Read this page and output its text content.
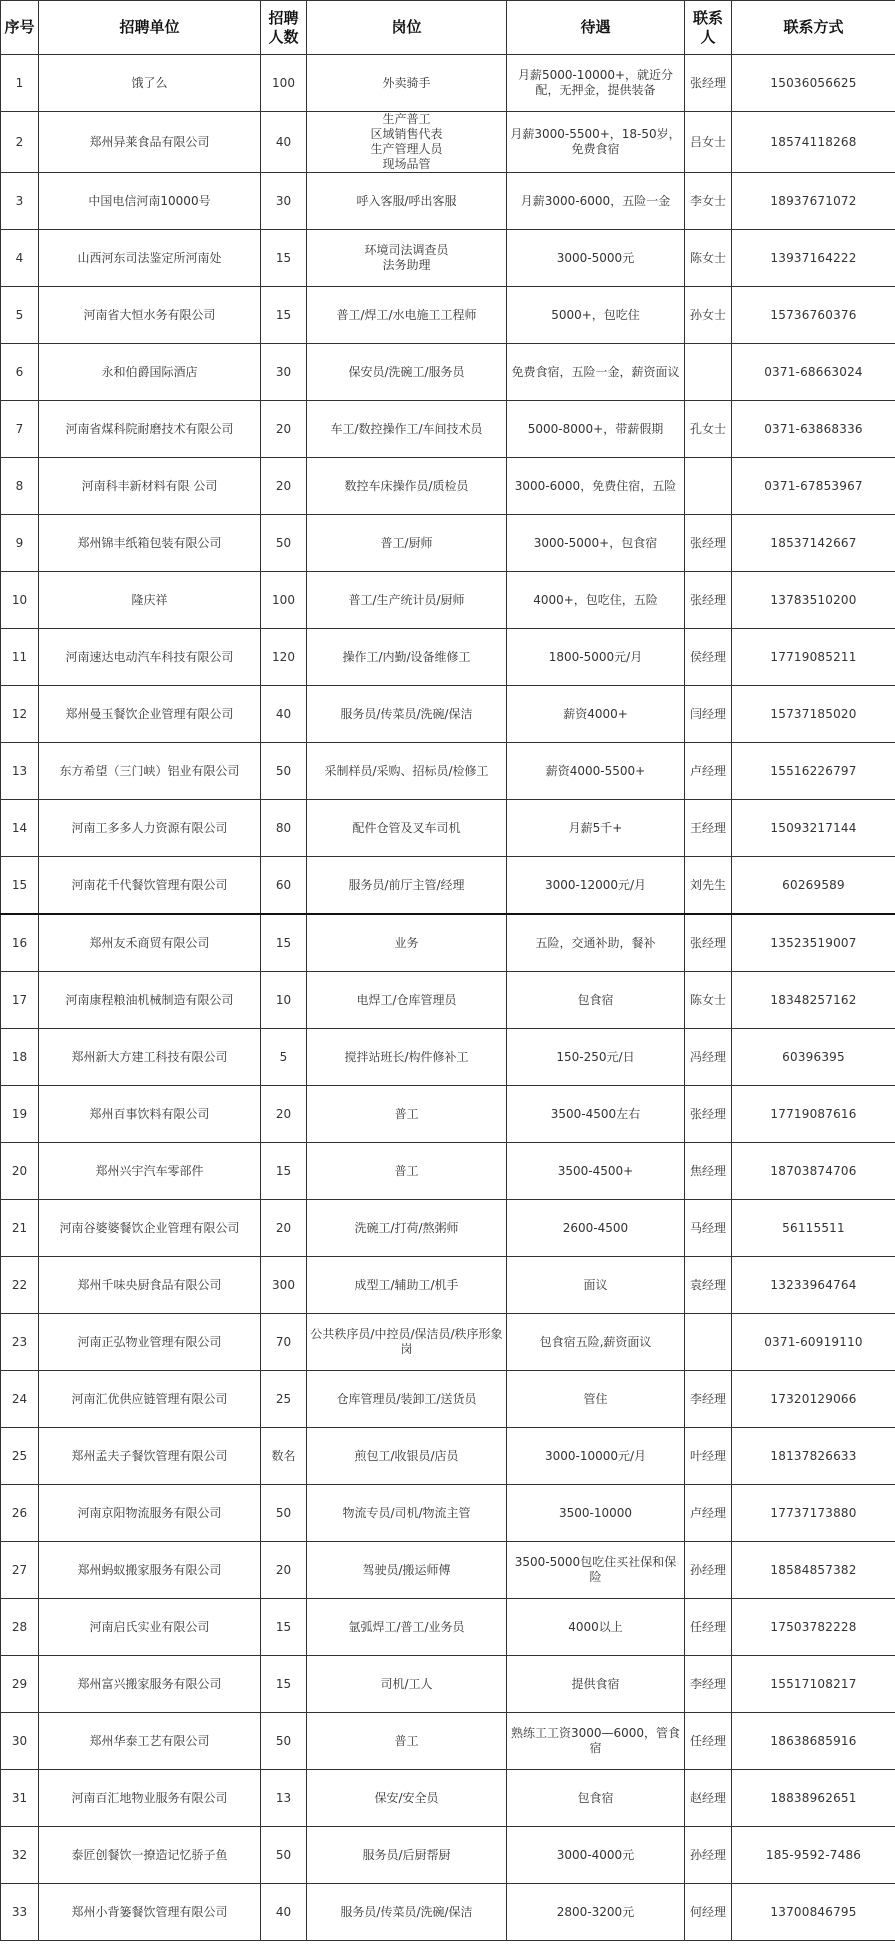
序号	招聘单位	招聘人数	岗位	待遇	联系人	联系方式
1	饿了么	100	外卖骑手	月薪5000-10000+，就近分配，无押金，提供装备	张经理	15036056625
2	郑州异莱食品有限公司	40	生产普工
区域销售代表
生产管理人员
现场品管	月薪3000-5500+，18-50岁，免费食宿	吕女士	18574118268
3	中国电信河南10000号	30	呼入客服/呼出客服	月薪3000-6000，五险一金	李女士	18937671072
4	山西河东司法鉴定所河南处	15	环境司法调查员
法务助理	3000-5000元	陈女士	13937164222
5	河南省大恒水务有限公司	15	普工/焊工/水电施工工程师	5000+，包吃住	孙女士	15736760376
6	永和伯爵国际酒店	30	保安员/洗碗工/服务员	免费食宿，五险一金，薪资面议		0371-68663024
7	河南省煤科院耐磨技术有限公司	20	车工/数控操作工/车间技术员	5000-8000+，带薪假期	孔女士	0371-63868336
8	河南科丰新材料有限 公司	20	数控车床操作员/质检员	3000-6000，免费住宿，五险		0371-67853967
9	郑州锦丰纸箱包装有限公司	50	普工/厨师	3000-5000+，包食宿	张经理	18537142667
10	隆庆祥	100	普工/生产统计员/厨师	4000+，包吃住，五险	张经理	13783510200
11	河南速达电动汽车科技有限公司	120	操作工/内勤/设备维修工	1800-5000元/月	侯经理	17719085211
12	郑州曼玉餐饮企业管理有限公司	40	服务员/传菜员/洗碗/保洁	薪资4000+	闫经理	15737185020
13	东方希望（三门峡）铝业有限公司	50	采制样员/采购、招标员/检修工	薪资4000-5500+	卢经理	15516226797
14	河南工多多人力资源有限公司	80	配件仓管及叉车司机	月薪5千+	王经理	15093217144
15	河南花千代餐饮管理有限公司	60	服务员/前厅主管/经理	3000-12000元/月	刘先生	60269589
16	郑州友禾商贸有限公司	15	业务	五险，交通补助，餐补	张经理	13523519007
17	河南康程粮油机械制造有限公司	10	电焊工/仓库管理员	包食宿	陈女士	18348257162
18	郑州新大方建工科技有限公司	5	搅拌站班长/构件修补工	150-250元/日	冯经理	60396395
19	郑州百事饮料有限公司	20	普工	3500-4500左右	张经理	17719087616
20	郑州兴宇汽车零部件	15	普工	3500-4500+	焦经理	18703874706
21	河南谷婆婆餐饮企业管理有限公司	20	洗碗工/打荷/熬粥师	2600-4500	马经理	56115511
22	郑州千味央厨食品有限公司	300	成型工/辅助工/机手	面议	袁经理	13233964764
23	河南正弘物业管理有限公司	70	公共秩序员/中控员/保洁员/秩序形象岗	包食宿五险,薪资面议		0371-60919110
24	河南汇优供应链管理有限公司	25	仓库管理员/装卸工/送货员	管住	李经理	17320129066
25	郑州孟夫子餐饮管理有限公司	数名	煎包工/收银员/店员	3000-10000元/月	叶经理	18137826633
26	河南京阳物流服务有限公司	50	物流专员/司机/物流主管	3500-10000	卢经理	17737173880
27	郑州蚂蚁搬家服务有限公司	20	驾驶员/搬运师傅	3500-5000包吃住买社保和保险	孙经理	18584857382
28	河南启氏实业有限公司	15	氩弧焊工/普工/业务员	4000以上	任经理	17503782228
29	郑州富兴搬家服务有限公司	15	司机/工人	提供食宿	李经理	15517108217
30	郑州华泰工艺有限公司	50	普工	熟练工工资3000—6000，管食宿	任经理	18638685916
31	河南百汇地物业服务有限公司	13	保安/安全员	包食宿	赵经理	18838962651
32	泰匠创餐饮一撩造记忆骄子鱼	50	服务员/后厨帮厨	3000-4000元	孙经理	185-9592-7486
33	郑州小背篓餐饮管理有限公司	40	服务员/传菜员/洗碗/保洁	2800-3200元	何经理	13700846795
